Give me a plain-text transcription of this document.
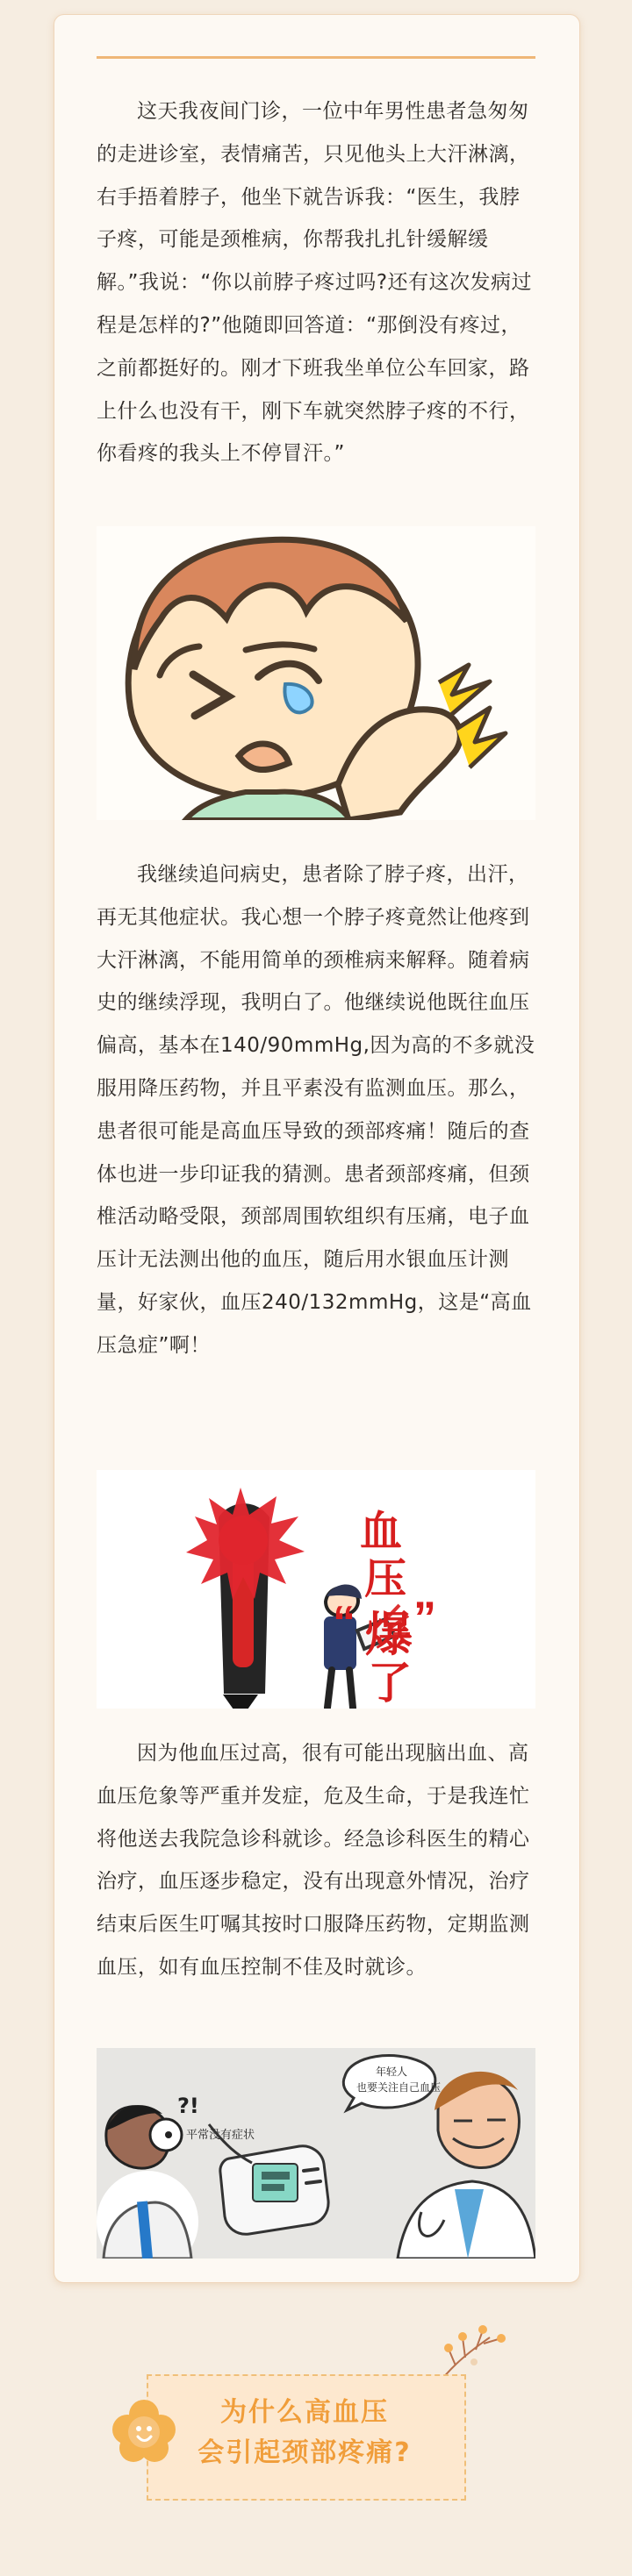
这天我夜间门诊，一位中年男性患者急匆匆的走进诊室，表情痛苦，只见他头上大汗淋漓，右手捂着脖子，他坐下就告诉我：“医生，我脖子疼，可能是颈椎病，你帮我扎扎针缓解缓解。”我说：“你以前脖子疼过吗?还有这次发病过程是怎样的?”他随即回答道：“那倒没有疼过，之前都挺好的。刚才下班我坐单位公车回家，路上什么也没有干，刚下车就突然脖子疼的不行，你看疼的我头上不停冒汗。”

我继续追问病史，患者除了脖子疼，出汗，再无其他症状。我心想一个脖子疼竟然让他疼到大汗淋漓，不能用简单的颈椎病来解释。随着病史的继续浮现，我明白了。他继续说他既往血压偏高，基本在140/90mmHg,因为高的不多就没服用降压药物，并且平素没有监测血压。那么，患者很可能是高血压导致的颈部疼痛！随后的查体也进一步印证我的猜测。患者颈部疼痛，但颈椎活动略受限，颈部周围软组织有压痛，电子血压计无法测出他的血压，随后用水银血压计测量，好家伙，血压240/132mmHg，这是“高血压急症”啊！

血
压
“ 爆 ”
了

因为他血压过高，很有可能出现脑出血、高血压危象等严重并发症，危及生命，于是我连忙将他送去我院急诊科就诊。经急诊科医生的精心治疗，血压逐步稳定，没有出现意外情况，治疗结束后医生叮嘱其按时口服降压药物，定期监测血压，如有血压控制不佳及时就诊。

平常没有症状
?!
年轻人
也要关注自己血压
为什么高血压
会引起颈部疼痛?
